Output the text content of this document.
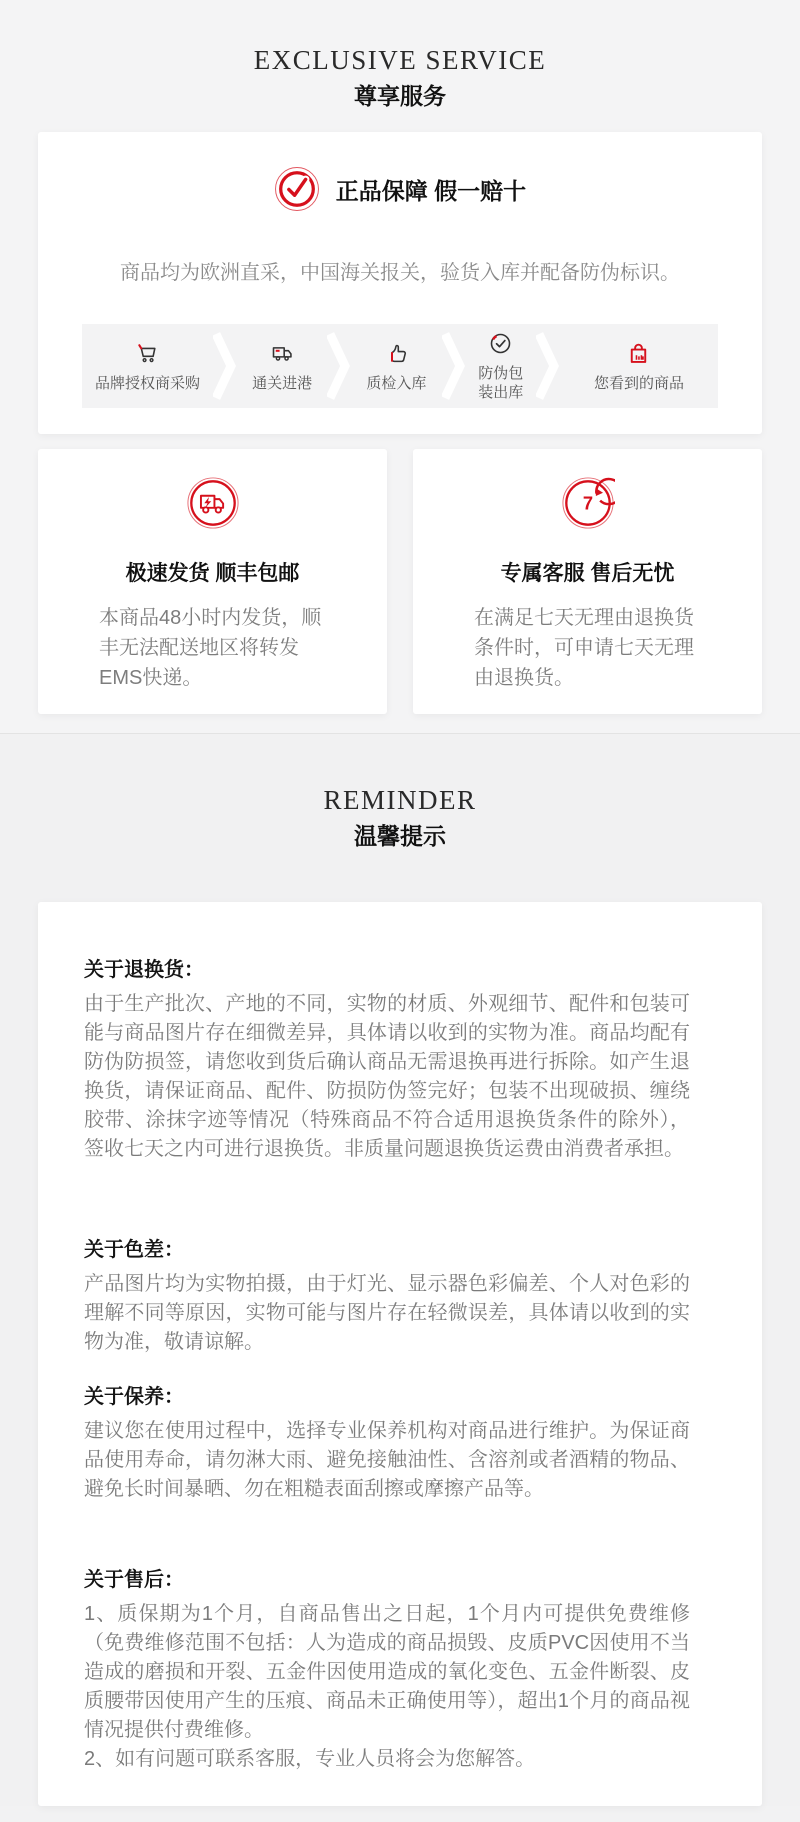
EXCLUSIVE SERVICE
尊享服务
正品保障 假一赔十
商品均为欧洲直采，中国海关报关，验货入库并配备防伪标识。
品牌授权商采购	通关进港	质检入库
防伪包装出库
您看到的商品
极速发货 顺丰包邮
本商品48小时内发货，顺丰无法配送地区将转发EMS快递。
7
专属客服 售后无忧
在满足七天无理由退换货条件时，可申请七天无理由退换货。
REMINDER
温馨提示
关于退换货：

由于生产批次、产地的不同，实物的材质、外观细节、配件和包装可能与商品图片存在细微差异，具体请以收到的实物为准。商品均配有防伪防损签，请您收到货后确认商品无需退换再进行拆除。如产生退换货，请保证商品、配件、防损防伪签完好；包装不出现破损、缠绕胶带、涂抹字迹等情况（特殊商品不符合适用退换货条件的除外），签收七天之内可进行退换货。非质量问题退换货运费由消费者承担。

关于色差：

产品图片均为实物拍摄，由于灯光、显示器色彩偏差、个人对色彩的理解不同等原因，实物可能与图片存在轻微误差，具体请以收到的实物为准，敬请谅解。

关于保养：

建议您在使用过程中，选择专业保养机构对商品进行维护。为保证商品使用寿命，请勿淋大雨、避免接触油性、含溶剂或者酒精的物品、避免长时间暴晒、勿在粗糙表面刮擦或摩擦产品等。

关于售后：

1、质保期为1个月，自商品售出之日起，1个月内可提供免费维修（免费维修范围不包括：人为造成的商品损毁、皮质PVC因使用不当造成的磨损和开裂、五金件因使用造成的氧化变色、五金件断裂、皮质腰带因使用产生的压痕、商品未正确使用等），超出1个月的商品视情况提供付费维修。

2、如有问题可联系客服，专业人员将会为您解答。
